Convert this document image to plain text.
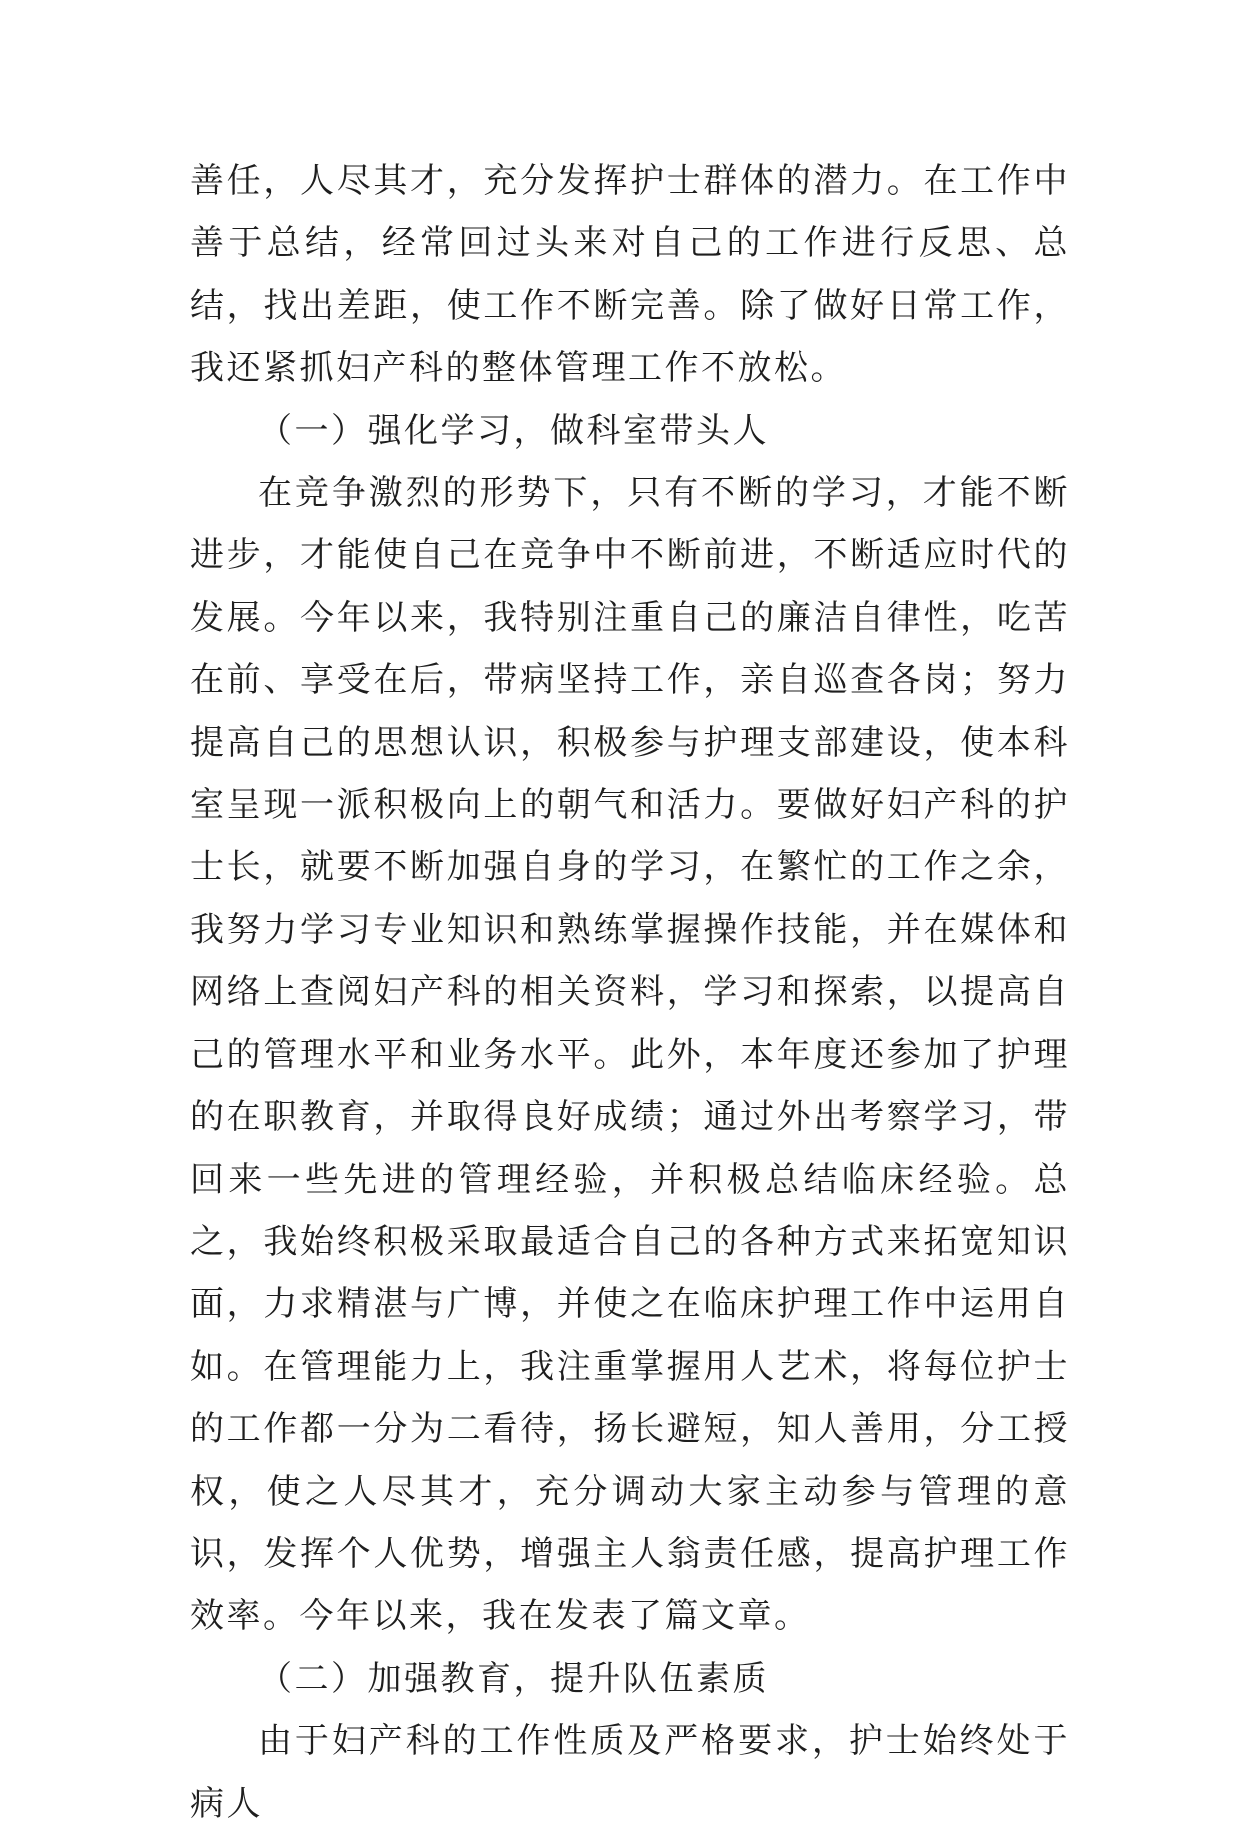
善任，人尽其才，充分发挥护士群体的潜力。在工作中善于总结，经常回过头来对自己的工作进行反思、总结，找出差距，使工作不断完善。除了做好日常工作，我还紧抓妇产科的整体管理工作不放松。

（一）强化学习，做科室带头人

在竞争激烈的形势下，只有不断的学习，才能不断进步，才能使自己在竞争中不断前进，不断适应时代的发展。今年以来，我特别注重自己的廉洁自律性，吃苦在前、享受在后，带病坚持工作，亲自巡查各岗；努力提高自己的思想认识，积极参与护理支部建设，使本科室呈现一派积极向上的朝气和活力。要做好妇产科的护士长，就要不断加强自身的学习，在繁忙的工作之余，我努力学习专业知识和熟练掌握操作技能，并在媒体和网络上查阅妇产科的相关资料，学习和探索，以提高自己的管理水平和业务水平。此外，本年度还参加了护理的在职教育，并取得良好成绩；通过外出考察学习，带回来一些先进的管理经验，并积极总结临床经验。总之，我始终积极采取最适合自己的各种方式来拓宽知识面，力求精湛与广博，并使之在临床护理工作中运用自如。在管理能力上，我注重掌握用人艺术，将每位护士的工作都一分为二看待，扬长避短，知人善用，分工授权，使之人尽其才，充分调动大家主动参与管理的意识，发挥个人优势，增强主人翁责任感，提高护理工作效率。今年以来，我在发表了篇文章。

（二）加强教育，提升队伍素质

由于妇产科的工作性质及严格要求，护士始终处于病人
